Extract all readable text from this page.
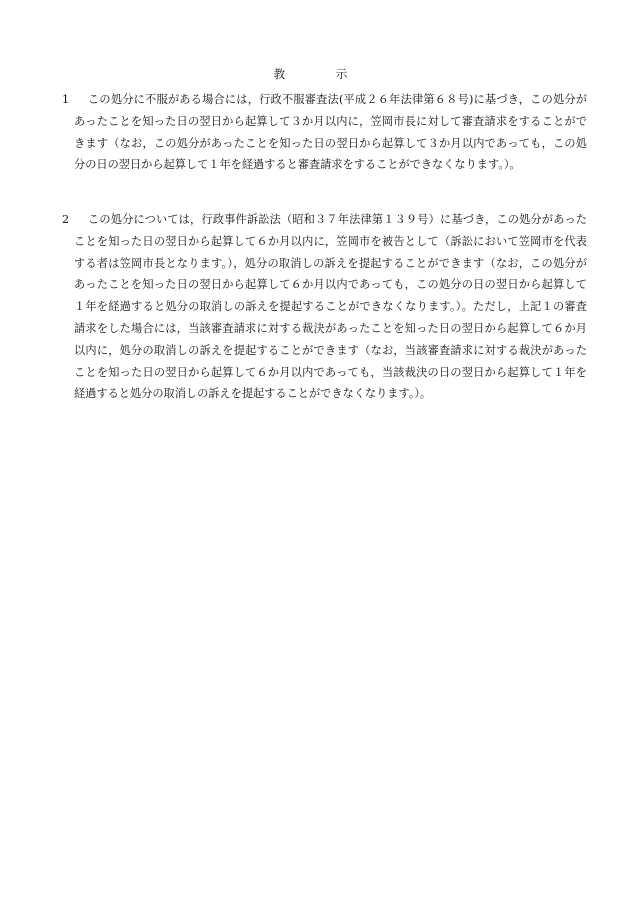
教　　示
1	この処分に不服がある場合には，行政不服審査法(平成２６年法律第６８号)に基づき，この処分があったことを知った日の翌日から起算して３か月以内に，笠岡市長に対して審査請求をすることができます（なお，この処分があったことを知った日の翌日から起算して３か月以内であっても，この処分の日の翌日から起算して１年を経過すると審査請求をすることができなくなります。）。
2	この処分については，行政事件訴訟法（昭和３７年法律第１３９号）に基づき，この処分があったことを知った日の翌日から起算して６か月以内に，笠岡市を被告として（訴訟において笠岡市を代表する者は笠岡市長となります。），処分の取消しの訴えを提起することができます（なお，この処分があったことを知った日の翌日から起算して６か月以内であっても，この処分の日の翌日から起算して１年を経過すると処分の取消しの訴えを提起することができなくなります。）。ただし，上記１の審査請求をした場合には，当該審査請求に対する裁決があったことを知った日の翌日から起算して６か月以内に，処分の取消しの訴えを提起することができます（なお，当該審査請求に対する裁決があったことを知った日の翌日から起算して６か月以内であっても，当該裁決の日の翌日から起算して１年を経過すると処分の取消しの訴えを提起することができなくなります。）。
